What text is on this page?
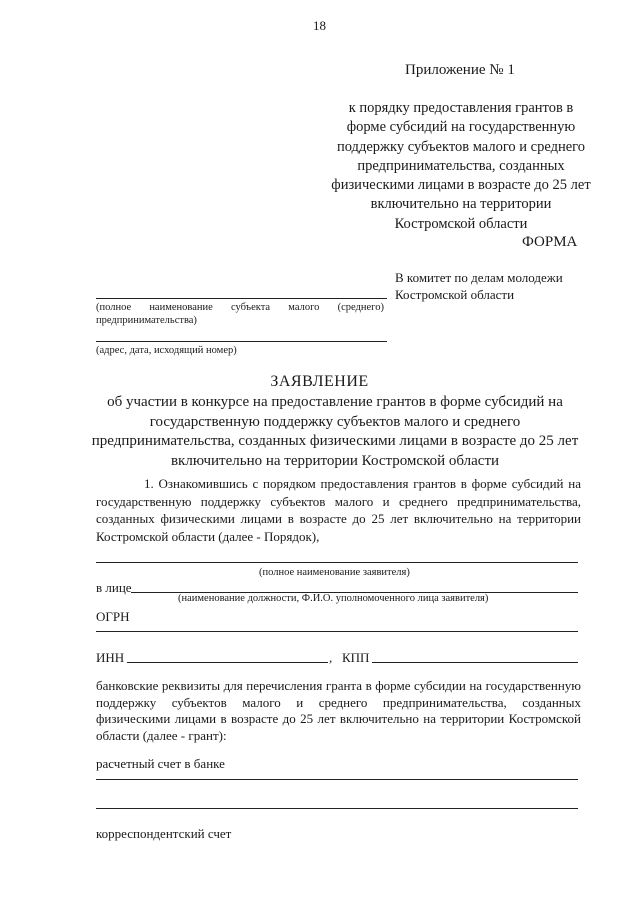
18
Приложение № 1
к порядку предоставления грантов в форме субсидий на государственную поддержку субъектов малого и среднего предпринимательства, созданных физическими лицами в возрасте до 25 лет включительно на территории Костромской области
ФОРМА
В комитет по делам молодежи Костромской области
(полное наименование субъекта малого (среднего)
предпринимательства)
(адрес, дата, исходящий номер)
ЗАЯВЛЕНИЕ
об участии в конкурсе на предоставление грантов в форме субсидий на государственную поддержку субъектов малого и среднего предпринимательства, созданных физическими лицами в возрасте до 25 лет включительно на территории Костромской области
1. Ознакомившись с порядком предоставления грантов в форме субсидий на государственную поддержку субъектов малого и среднего предпринимательства, созданных физическими лицами в возрасте до 25 лет включительно на территории Костромской области (далее - Порядок),
(полное наименование заявителя)
в лице
(наименование должности, Ф.И.О. уполномоченного лица заявителя)
ОГРН
ИНН	, КПП
банковские реквизиты для перечисления гранта в форме субсидии на государственную поддержку субъектов малого и среднего предпринимательства, созданных физическими лицами в возрасте до 25 лет включительно на территории Костромской области (далее - грант):
расчетный счет в банке
корреспондентский счет
